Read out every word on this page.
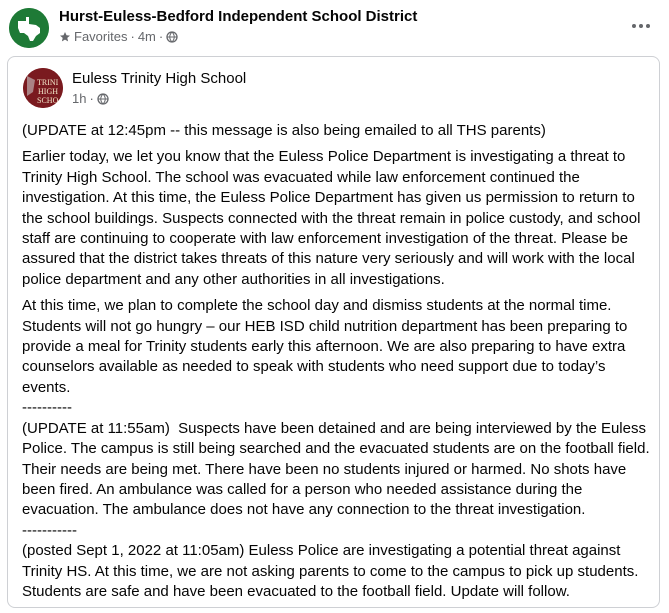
Hurst-Euless-Bedford Independent School District
Favorites · 4m ·
TRINI
HIGH
SCHO
Euless Trinity High School
1h ·

(UPDATE at 12:45pm -- this message is also being emailed to all THS parents)

Earlier today, we let you know that the Euless Police Department is investigating a threat to Trinity High School. The school was evacuated while law enforcement continued the investigation. At this time, the Euless Police Department has given us permission to return to the school buildings. Suspects connected with the threat remain in police custody, and school staff are continuing to cooperate with law enforcement investigation of the threat. Please be assured that the district takes threats of this nature very seriously and will work with the local police department and any other authorities in all investigations.

At this time, we plan to complete the school day and dismiss students at the normal time. Students will not go hungry – our HEB ISD child nutrition department has been preparing to provide a meal for Trinity students early this afternoon. We are also preparing to have extra counselors available as needed to speak with students who need support due to today’s events.
----------
(UPDATE at 11:55am)  Suspects have been detained and are being interviewed by the Euless Police. The campus is still being searched and the evacuated students are on the football field. Their needs are being met. There have been no students injured or harmed. No shots have been fired. An ambulance was called for a person who needed assistance during the evacuation. The ambulance does not have any connection to the threat investigation.
-----------
(posted Sept 1, 2022 at 11:05am) Euless Police are investigating a potential threat against Trinity HS. At this time, we are not asking parents to come to the campus to pick up students. Students are safe and have been evacuated to the football field. Update will follow.
